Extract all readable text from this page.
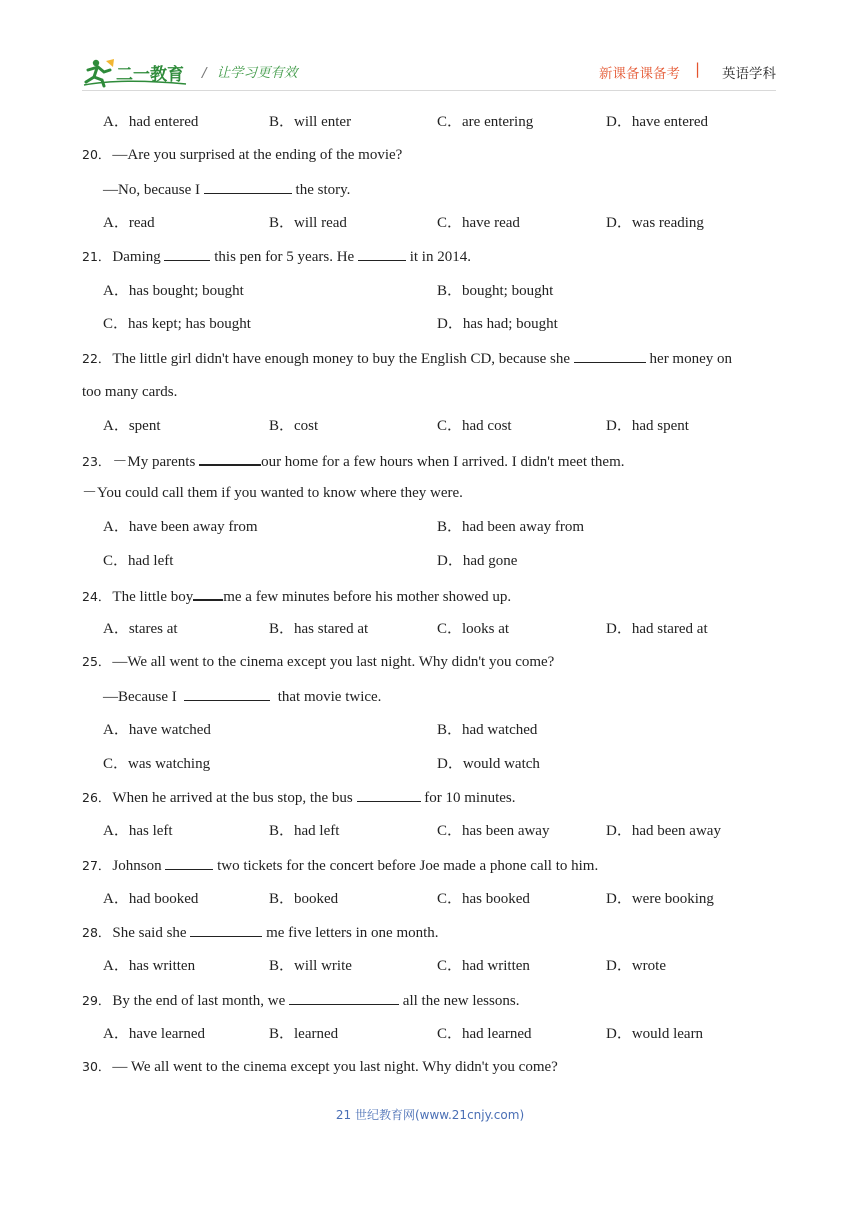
二一教育 / 让学习更有效	新课备课备考 | 英语学科
A．had entered	B．will enter	C．are entering	D．have entered
20． —Are you surprised at the ending of the movie?
—No, because I	the story.
A．read	B．will read	C．have read	D．was reading
21． Daming	this pen for 5 years. He	it in 2014.
A．has bought; bought	B．bought; bought
C．has kept; has bought	D．has had; bought
22． The little girl didn't have enough money to buy the English CD, because she	her money on
too many cards.
A．spent	B．cost	C．had cost	D．had spent
23． －My parents	our home for a few hours when I arrived. I didn't meet them.
－You could call them if you wanted to know where they were.
A．have been away from	B．had been away from
C．had left	D．had gone
24． The little boy me a few minutes before his mother showed up.
A．stares at	B．has stared at	C．looks at	D．had stared at
25． —We all went to the cinema except you last night. Why didn't you come?
—Because I	that movie twice.
A．have watched	B．had watched
C．was watching	D．would watch
26． When he arrived at the bus stop, the bus	for 10 minutes.
A．has left	B．had left	C．has been away	D．had been away
27． Johnson	two tickets for the concert before Joe made a phone call to him.
A．had booked	B．booked	C．has booked	D．were booking
28． She said she	me five letters in one month.
A．has written	B．will write	C．had written	D．wrote
29． By the end of last month, we	all the new lessons.
A．have learned	B．learned	C．had learned	D．would learn
30． — We all went to the cinema except you last night. Why didn't you come?
21 世纪教育网(www.21cnjy.com)
